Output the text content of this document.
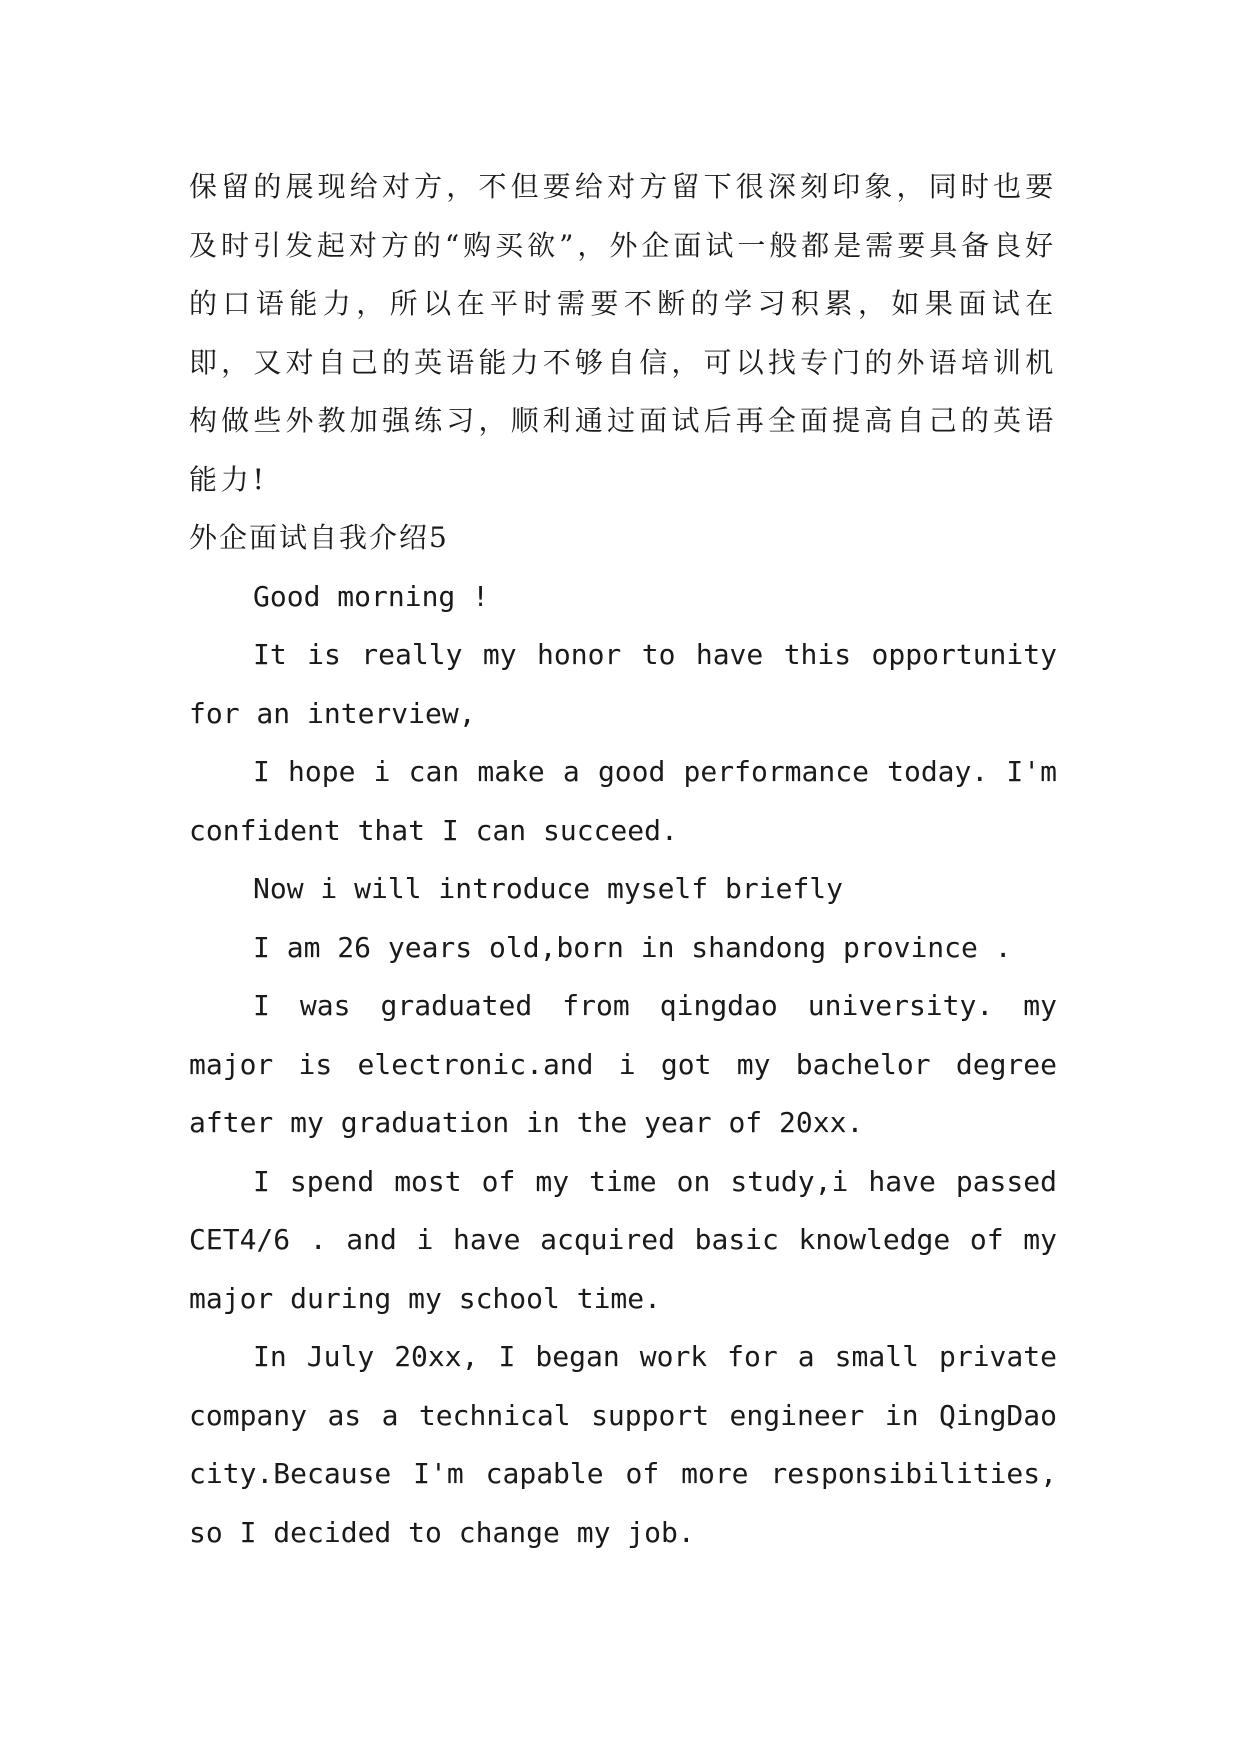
保留的展现给对方，不但要给对方留下很深刻印象，同时也要及时引发起对方的“购买欲”，外企面试一般都是需要具备良好的口语能力，所以在平时需要不断的学习积累，如果面试在即，又对自己的英语能力不够自信，可以找专门的外语培训机构做些外教加强练习，顺利通过面试后再全面提高自己的英语能力!

外企面试自我介绍5

Good morning !

It is really my honor to have this opportunity for an interview,

I hope i can make a good performance today. I'm confident that I can succeed.

Now i will introduce myself briefly

I am 26 years old,born in shandong province .

I was graduated from qingdao university. my major is electronic.and i got my bachelor degree after my graduation in the year of 20xx.

I spend most of my time on study,i have passed CET4/6 . and i have acquired basic knowledge of my major during my school time.

In July 20xx, I began work for a small private company as a technical support engineer in QingDao city.Because I'm capable of more responsibilities, so I decided to change my job.
